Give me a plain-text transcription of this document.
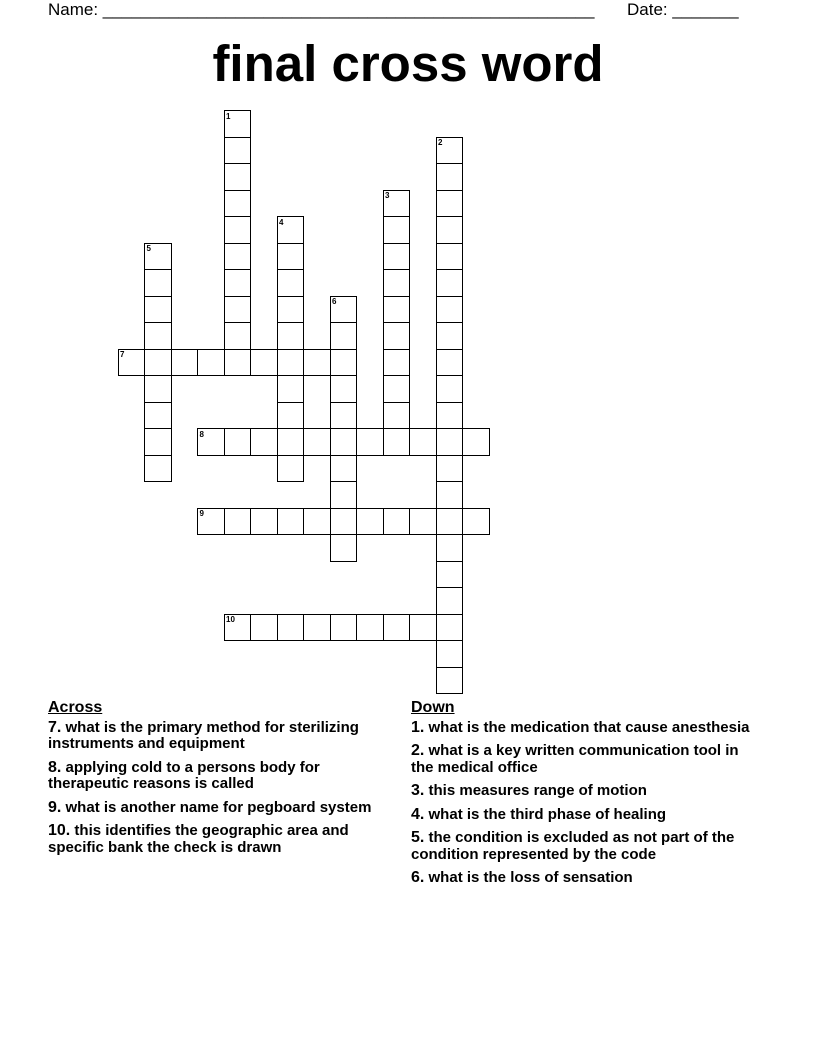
Name: ____________________________________________________ Date: _______
final cross word
1
2
3
4
5
6
7
8
9
10
Across
7. what is the primary method for sterilizing instruments and equipment
8. applying cold to a persons body for therapeutic reasons is called
9. what is another name for pegboard system
10. this identifies the geographic area and specific bank the check is drawn
Down
1. what is the medication that cause anesthesia
2. what is a key written communication tool in the medical office
3. this measures range of motion
4. what is the third phase of healing
5. the condition is excluded as not part of the condition represented by the code
6. what is the loss of sensation
